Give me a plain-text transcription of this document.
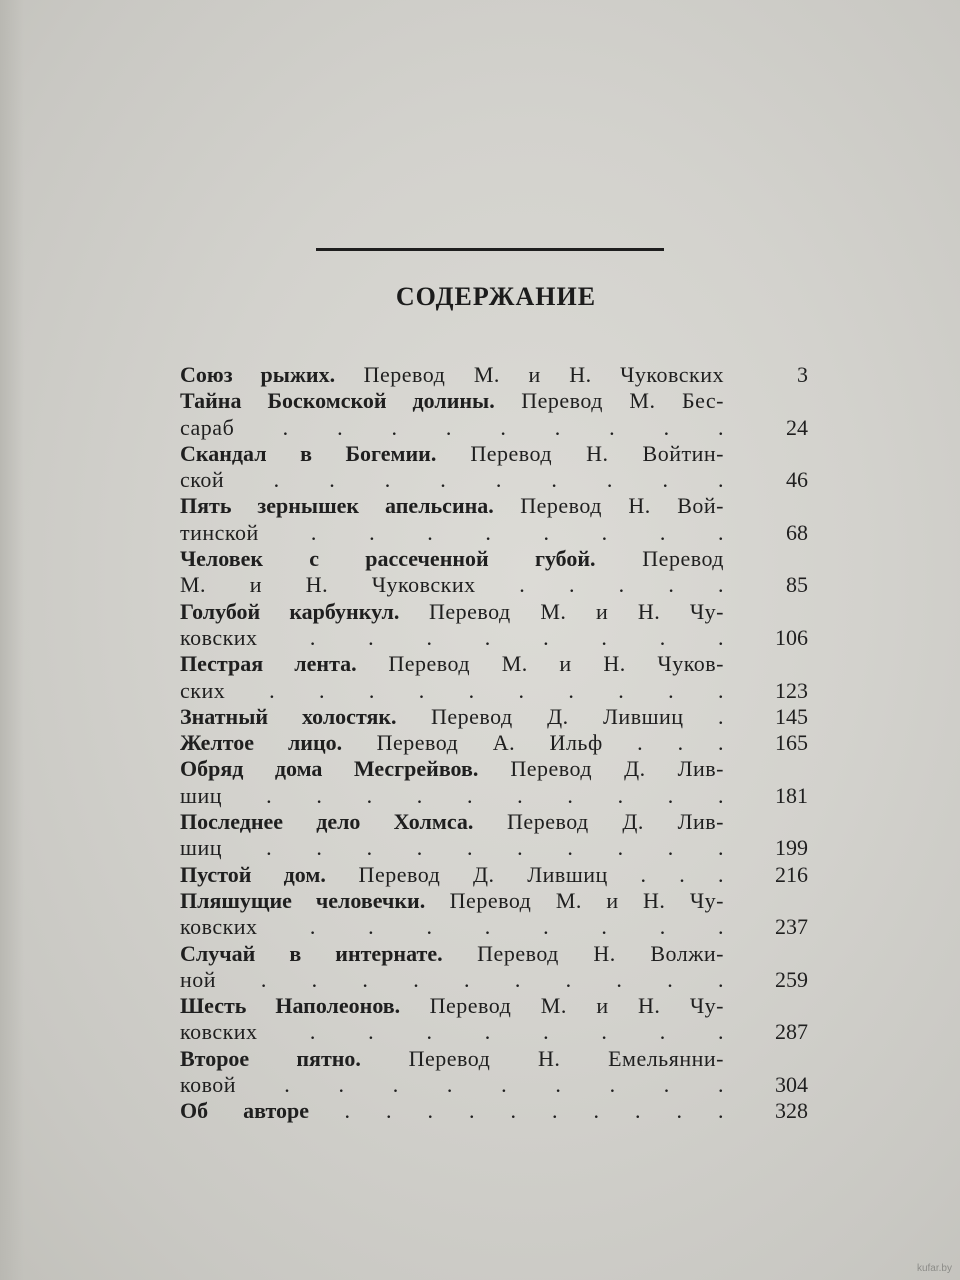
СОДЕРЖАНИЕ
Союз рыжих. Перевод М. и Н. Чуковских	3
Тайна Боскомской долины. Перевод М. Бес-
сараб . . . . . . . . .	24
Скандал в Богемии. Перевод Н. Войтин-
ской . . . . . . . . .	46
Пять зернышек апельсина. Перевод Н. Вой-
тинской . . . . . . . .	68
Человек с рассеченной губой. Перевод
М. и Н. Чуковских . . . . .	85
Голубой карбункул. Перевод М. и Н. Чу-
ковских . . . . . . . . 106
Пестрая лента. Перевод М. и Н. Чуков-
ских . . . . . . . . . . 123
Знатный холостяк. Перевод Д. Лившиц . 145
Желтое лицо. Перевод А. Ильф . . . 165
Обряд дома Месгрейвов. Перевод Д. Лив-
шиц . . . . . . . . . . 181
Последнее дело Холмса. Перевод Д. Лив-
шиц . . . . . . . . . . 199
Пустой дом. Перевод Д. Лившиц . . . 216
Пляшущие человечки. Перевод М. и Н. Чу-
ковских . . . . . . . . 237
Случай в интернате. Перевод Н. Волжи-
ной . . . . . . . . . . 259
Шесть Наполеонов. Перевод М. и Н. Чу-
ковских . . . . . . . . 287
Второе пятно. Перевод Н. Емельянни-
ковой . . . . . . . . . 304
Об авторе . . . . . . . . . . 328
kufar.by
